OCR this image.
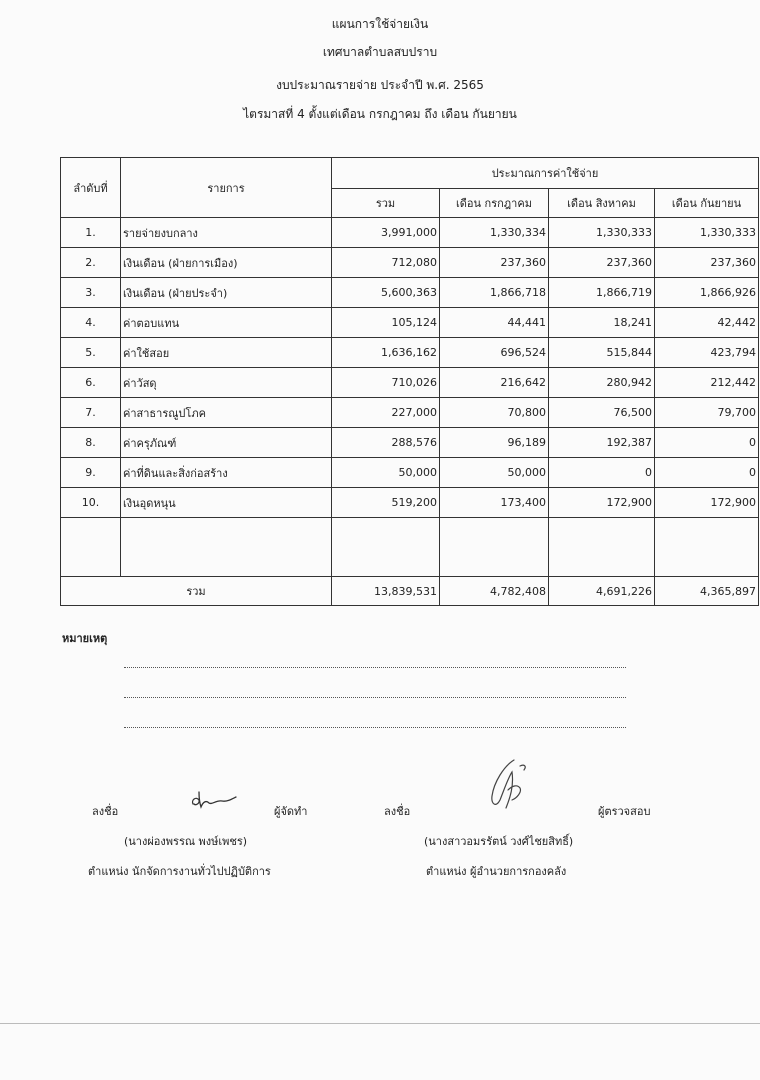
แผนการใช้จ่ายเงิน
เทศบาลตำบลสบปราบ
งบประมาณรายจ่าย ประจำปี พ.ศ. 2565
ไตรมาสที่ 4 ตั้งแต่เดือน กรกฎาคม ถึง เดือน กันยายน
ลำดับที่	รายการ	ประมาณการค่าใช้จ่าย			
		รวม	เดือน กรกฎาคม	เดือน สิงหาคม	เดือน กันยายน
1.	รายจ่ายงบกลาง	3,991,000	1,330,334	1,330,333	1,330,333
2.	เงินเดือน (ฝ่ายการเมือง)	712,080	237,360	237,360	237,360
3.	เงินเดือน (ฝ่ายประจำ)	5,600,363	1,866,718	1,866,719	1,866,926
4.	ค่าตอบแทน	105,124	44,441	18,241	42,442
5.	ค่าใช้สอย	1,636,162	696,524	515,844	423,794
6.	ค่าวัสดุ	710,026	216,642	280,942	212,442
7.	ค่าสาธารณูปโภค	227,000	70,800	76,500	79,700
8.	ค่าครุภัณฑ์	288,576	96,189	192,387	0
9.	ค่าที่ดินและสิ่งก่อสร้าง	50,000	50,000	0	0
10.	เงินอุดหนุน	519,200	173,400	172,900	172,900

รวม		13,839,531	4,782,408	4,691,226	4,365,897
หมายเหตุ
ลงชื่อ	ผู้จัดทำ
(นางผ่องพรรณ พงษ์เพชร)
ตำแหน่ง นักจัดการงานทั่วไปปฏิบัติการ
ลงชื่อ	ผู้ตรวจสอบ
(นางสาวอมรรัตน์ วงศ์ไชยสิทธิ์)
ตำแหน่ง ผู้อำนวยการกองคลัง
